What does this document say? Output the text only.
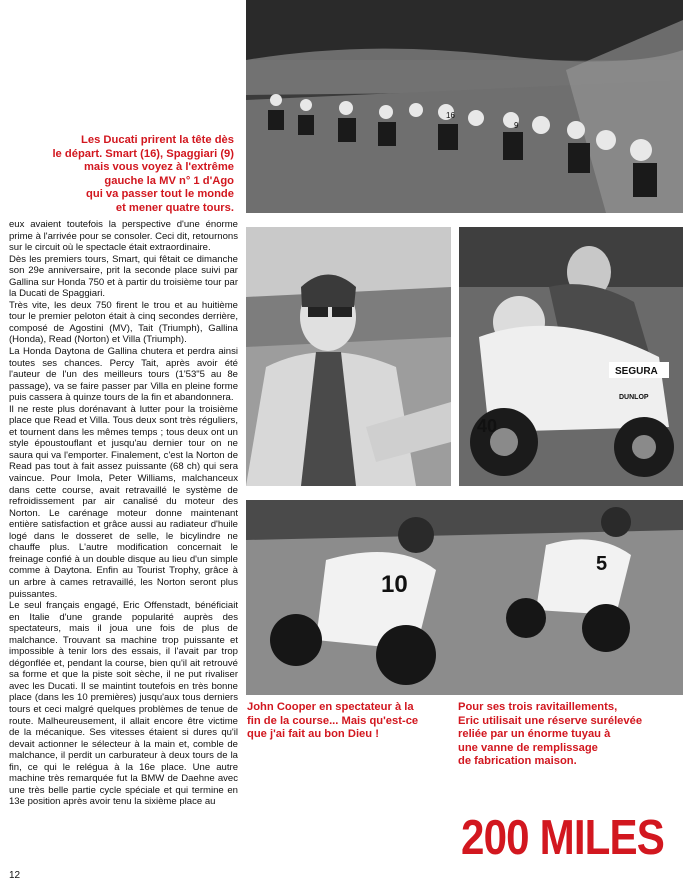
16
9
Les Ducati prirent la tête dès
le départ. Smart (16), Spaggiari (9)
mais vous voyez à l'extrême
gauche la MV n° 1 d'Ago
qui va passer tout le monde
et mener quatre tours.
SEGURA
DUNLOP
40
10
5
John Cooper en spectateur à la
fin de la course... Mais qu'est-ce
que j'ai fait au bon Dieu !
Pour ses trois ravitaillements,
Eric utilisait une réserve surélevée
reliée par un énorme tuyau à
une vanne de remplissage
de fabrication maison.

eux avaient toutefois la perspective d'une énorme prime à l'arrivée pour se consoler. Ceci dit, retournons sur le circuit où le spectacle était extraordinaire.

Dès les premiers tours, Smart, qui fêtait ce dimanche son 29e anniversaire, prit la seconde place suivi par Gallina sur Honda 750 et à partir du troisième tour par la Ducati de Spaggiari.

Très vite, les deux 750 firent le trou et au huitième tour le premier peloton était à cinq secondes derrière, composé de Agostini (MV), Tait (Triumph), Gallina (Honda), Read (Norton) et Villa (Triumph).

La Honda Daytona de Gallina chutera et perdra ainsi toutes ses chances. Percy Tait, après avoir été l'auteur de l'un des meilleurs tours (1'53"5 au 8e passage), va se faire passer par Villa en pleine forme puis cassera à quinze tours de la fin et abandonnera.

Il ne reste plus dorénavant à lutter pour la troisième place que Read et Villa. Tous deux sont très réguliers, et tournent dans les mêmes temps ; tous deux ont un style époustouflant et jusqu'au dernier tour on ne saura qui va l'emporter. Finalement, c'est la Norton de Read pas tout à fait assez puissante (68 ch) qui sera vaincue. Pour Imola, Peter Williams, malchanceux dans cette course, avait retravaillé le système de refroidissement par air canalisé du moteur des Norton. Le carénage moteur donne maintenant entière satisfaction et grâce aussi au radiateur d'huile logé dans le dosseret de selle, le bicylindre ne chauffe plus. L'autre modification concernait le freinage confié à un double disque au lieu d'un simple comme à Daytona. Enfin au Tourist Trophy, grâce à un arbre à cames retravaillé, les Norton seront plus puissantes.

Le seul français engagé, Eric Offenstadt, bénéficiait en Italie d'une grande popularité auprès des spectateurs, mais il joua une fois de plus de malchance. Trouvant sa machine trop puissante et impossible à tenir lors des essais, il l'avait par trop dégonflée et, pendant la course, bien qu'il ait retrouvé sa forme et que la piste soit sèche, il ne put rivaliser avec les Ducati. Il se maintint toutefois en très bonne place (dans les 10 premières) jusqu'aux tous derniers tours et ceci malgré quelques problèmes de tenue de route. Malheureusement, il allait encore être victime de la mécanique. Ses vitesses étaient si dures qu'il devait actionner le sélecteur à la main et, comble de malchance, il perdit un carburateur à deux tours de la fin, ce qui le relégua à la 16e place. Une autre machine très remarquée fut la BMW de Daehne avec une très belle partie cycle spéciale et qui termine en 13e position après avoir tenu la sixième place au

200 MILES
12
